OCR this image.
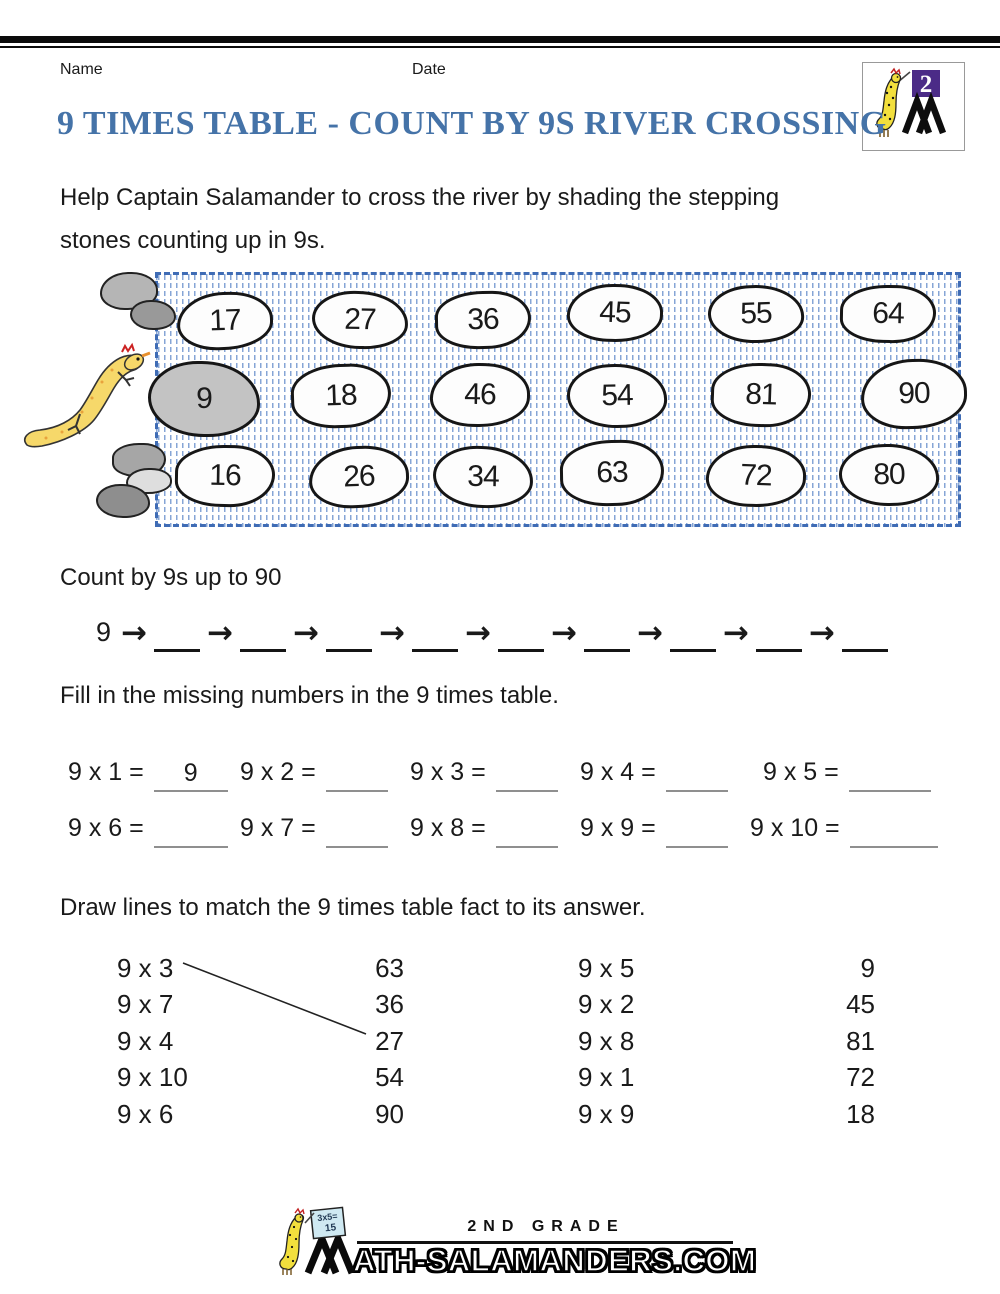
Name	Date
2
9 TIMES TABLE - COUNT BY 9S RIVER CROSSING
Help Captain Salamander to cross the river by shading the stepping
stones counting up in 9s.
17	27	36	45	55	64
9	18	46	54	81	90
16	26	34	63	72	80
Count by 9s up to 90
9 → → → → → → → → →
Fill in the missing numbers in the 9 times table.
9 x 1 =	9	9 x 2 =	9 x 3 =	9 x 4 =	9 x 5 =
9 x 6 =	9 x 7 =	9 x 8 =	9 x 9 =	9 x 10 =
Draw lines to match the 9 times table fact to its answer.
9 x 3
9 x 7
9 x 4
9 x 10
9 x 6
63
36
27
54
90
9 x 5
9 x 2
9 x 8
9 x 1
9 x 9
9
45
81
72
18
2ND GRADE
ATH-SALAMANDERS.COM
3x5=
15
